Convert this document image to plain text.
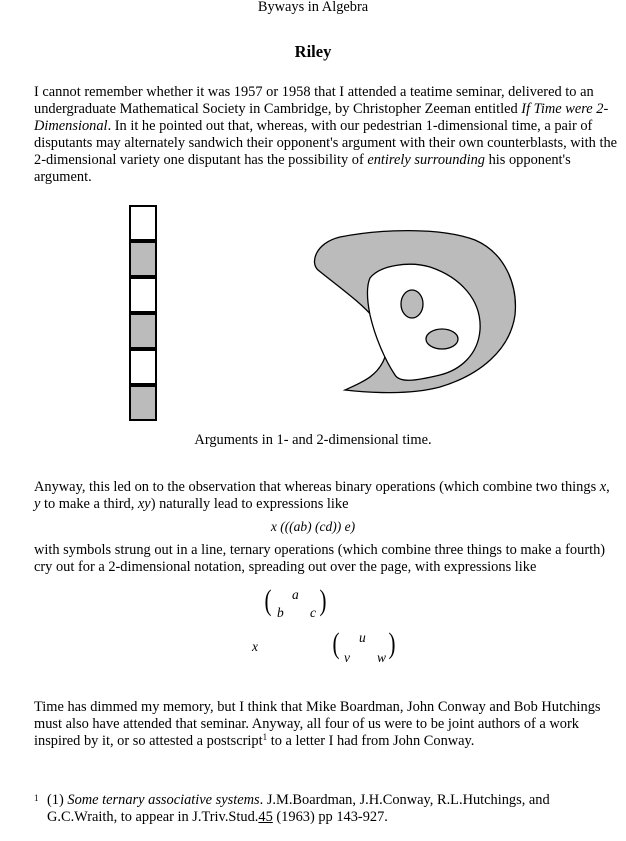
Byways in Algebra
Riley
I cannot remember whether it was 1957 or 1958 that I attended a teatime seminar, delivered to an undergraduate Mathematical Society in Cambridge, by Christopher Zeeman entitled If Time were 2-Dimensional. In it he pointed out that, whereas, with our pedestrian 1-dimensional time, a pair of disputants may alternately sandwich their opponent's argument with their own counterblasts, with the 2-dimensional variety one disputant has the possibility of entirely surrounding his opponent's argument.
Arguments in 1- and 2-dimensional time.
Anyway, this led on to the observation that whereas binary operations (which combine two things x, y to make a third, xy) naturally lead to expressions like
x (((ab) (cd)) e)
with symbols strung out in a line, ternary operations (which combine three things to make a fourth) cry out for a 2-dimensional notation, spreading out over the page, with expressions like
( a
b c )
x ( u
v w )
Time has dimmed my memory, but I think that Mike Boardman, John Conway and Bob Hutchings must also have attended that seminar. Anyway, all four of us were to be joint authors of a work inspired by it, or so attested a postscript$^1$ to a letter I had from John Conway.
1 (1) Some ternary associative systems. J.M.Boardman, J.H.Conway, R.L.Hutchings, and G.C.Wraith, to appear in J.Triv.Stud.45 (1963) pp 143-927.
